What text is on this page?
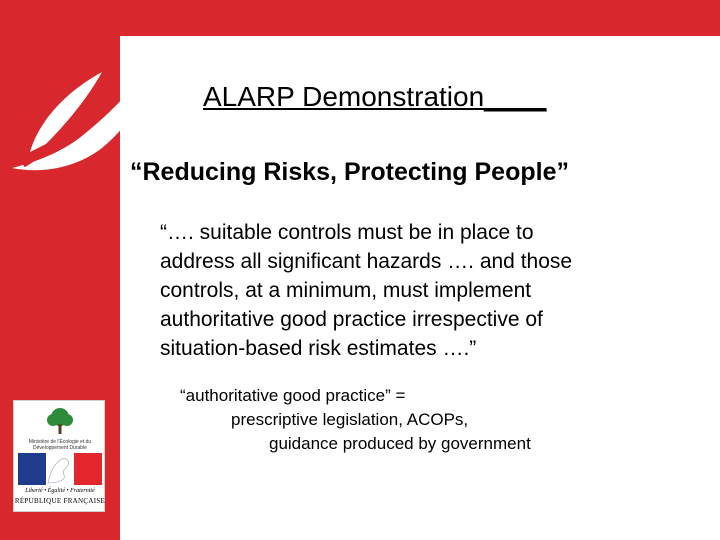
ALARP Demonstration____
“Reducing Risks, Protecting People”
“…. suitable controls must be in place to
address all significant hazards …. and those
controls, at a minimum, must implement
authoritative good practice irrespective of
situation-based risk estimates ….”
“authoritative good practice” =
prescriptive legislation, ACOPs,
guidance produced by government
Ministère de l'Écologie et du Développement Durable
Liberté • Égalité • Fraternité
RÉPUBLIQUE FRANÇAISE
